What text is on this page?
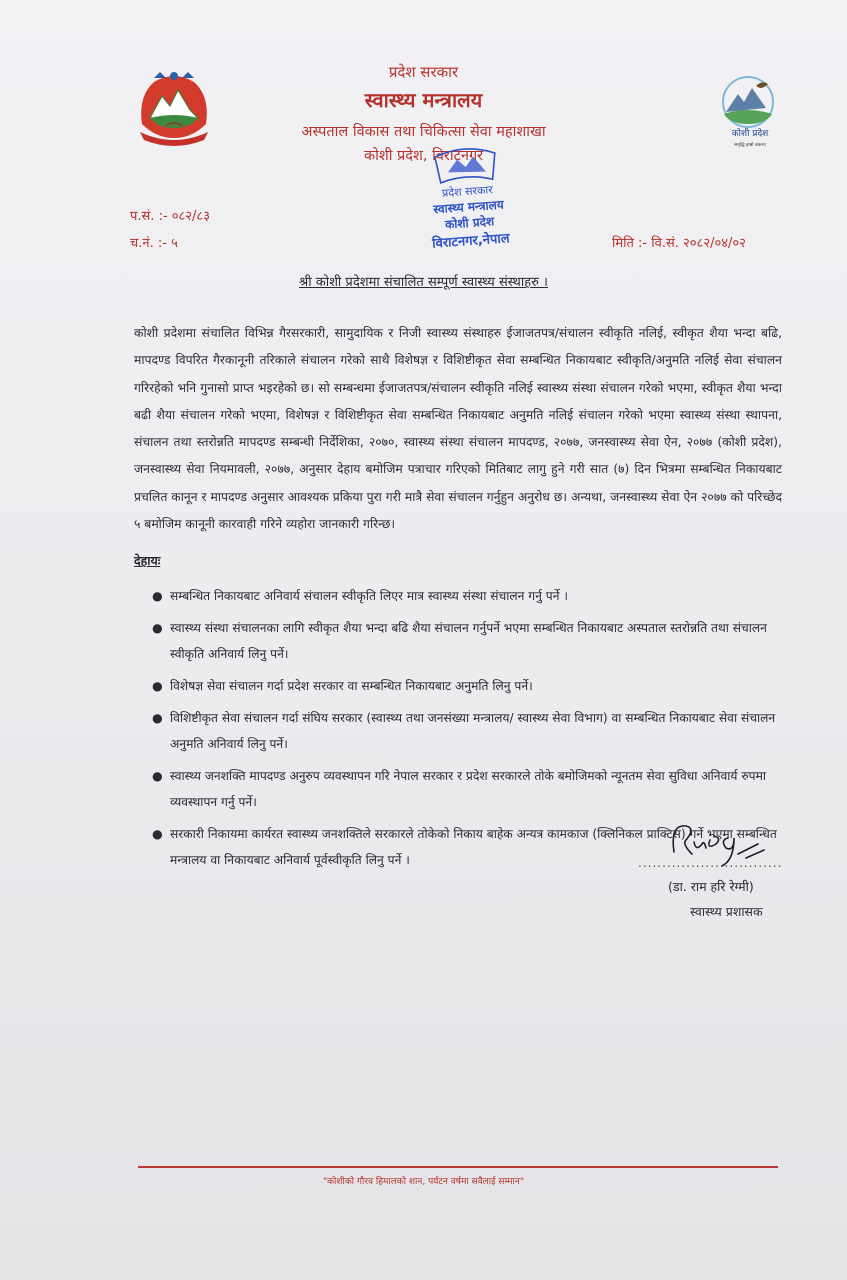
प्रदेश सरकार
स्वास्थ्य मन्त्रालय
अस्पताल विकास तथा चिकित्सा सेवा महाशाखा
कोशी प्रदेश, विराटनगर
कोशी प्रदेश
समृद्धि हाम्रो संकल्प
प्रदेश सरकार
स्वास्थ्य मन्त्रालय
कोशी प्रदेश
विराटनगर,नेपाल
प.सं. :- ०८२/८३
च.नं. :- ५	मिति :- वि.सं. २०८२/०४/०२
श्री कोशी प्रदेशमा संचालित सम्पूर्ण स्वास्थ्य संस्थाहरु ।
कोशी प्रदेशमा संचालित विभिन्न गैरसरकारी, सामुदायिक र निजी स्वास्थ्य संस्थाहरु ईजाजतपत्र/संचालन स्वीकृति नलिई, स्वीकृत शैया भन्दा बढि, मापदण्ड विपरित गैरकानूनी तरिकाले संचालन गरेको साथै विशेषज्ञ र विशिष्टीकृत सेवा सम्बन्धित निकायबाट स्वीकृति/अनुमति नलिई सेवा संचालन गरिरहेको भनि गुनासो प्राप्त भइरहेको छ। सो सम्बन्धमा ईजाजतपत्र/संचालन स्वीकृति नलिई स्वास्थ्य संस्था संचालन गरेको भएमा, स्वीकृत शैया भन्दा बढी शैया संचालन गरेको भएमा, विशेषज्ञ र विशिष्टीकृत सेवा सम्बन्धित निकायबाट अनुमति नलिई संचालन गरेको भएमा स्वास्थ्य संस्था स्थापना, संचालन तथा स्तरोन्नति मापदण्ड सम्बन्धी निर्देशिका, २०७०, स्वास्थ्य संस्था संचालन मापदण्ड, २०७७, जनस्वास्थ्य सेवा ऐन, २०७७ (कोशी प्रदेश), जनस्वास्थ्य सेवा नियमावली, २०७७, अनुसार देहाय बमोजिम पत्राचार गरिएको मितिबाट लागु हुने गरी सात (७) दिन भित्रमा सम्बन्धित निकायबाट प्रचलित कानून र मापदण्ड अनुसार आवश्यक प्रकिया पुरा गरी मात्रै सेवा संचालन गर्नुहुन अनुरोध छ। अन्यथा, जनस्वास्थ्य सेवा ऐन २०७७ को परिच्छेद ५ बमोजिम कानूनी कारवाही गरिने व्यहोरा जानकारी गरिन्छ।
देहायः
● सम्बन्धित निकायबाट अनिवार्य संचालन स्वीकृति लिएर मात्र स्वास्थ्य संस्था संचालन गर्नु पर्ने ।
● स्वास्थ्य संस्था संचालनका लागि स्वीकृत शैया भन्दा बढि शैया संचालन गर्नुपर्ने भएमा सम्बन्धित निकायबाट अस्पताल स्तरोन्नति तथा संचालन स्वीकृति अनिवार्य लिनु पर्ने।
● विशेषज्ञ सेवा संचालन गर्दा प्रदेश सरकार वा सम्बन्धित निकायबाट अनुमति लिनु पर्ने।
● विशिष्टीकृत सेवा संचालन गर्दा संघिय सरकार (स्वास्थ्य तथा जनसंख्या मन्त्रालय/ स्वास्थ्य सेवा विभाग) वा सम्बन्धित निकायबाट सेवा संचालन अनुमति अनिवार्य लिनु पर्ने।
● स्वास्थ्य जनशक्ति मापदण्ड अनुरुप व्यवस्थापन गरि नेपाल सरकार र प्रदेश सरकारले तोके बमोजिमको न्यूनतम सेवा सुविधा अनिवार्य रुपमा व्यवस्थापन गर्नु पर्ने।
● सरकारी निकायमा कार्यरत स्वास्थ्य जनशक्तिले सरकारले तोकेको निकाय बाहेक अन्यत्र कामकाज (क्लिनिकल प्राक्टिस) गर्ने भएमा सम्बन्धित मन्त्रालय वा निकायबाट अनिवार्य पूर्वस्वीकृति लिनु पर्ने ।	..............................
(डा. राम हरि रेग्मी)
स्वास्थ्य प्रशासक
"कोशीको गौरव हिमालको शान, पर्यटन वर्षमा सवैलाई सम्मान"
